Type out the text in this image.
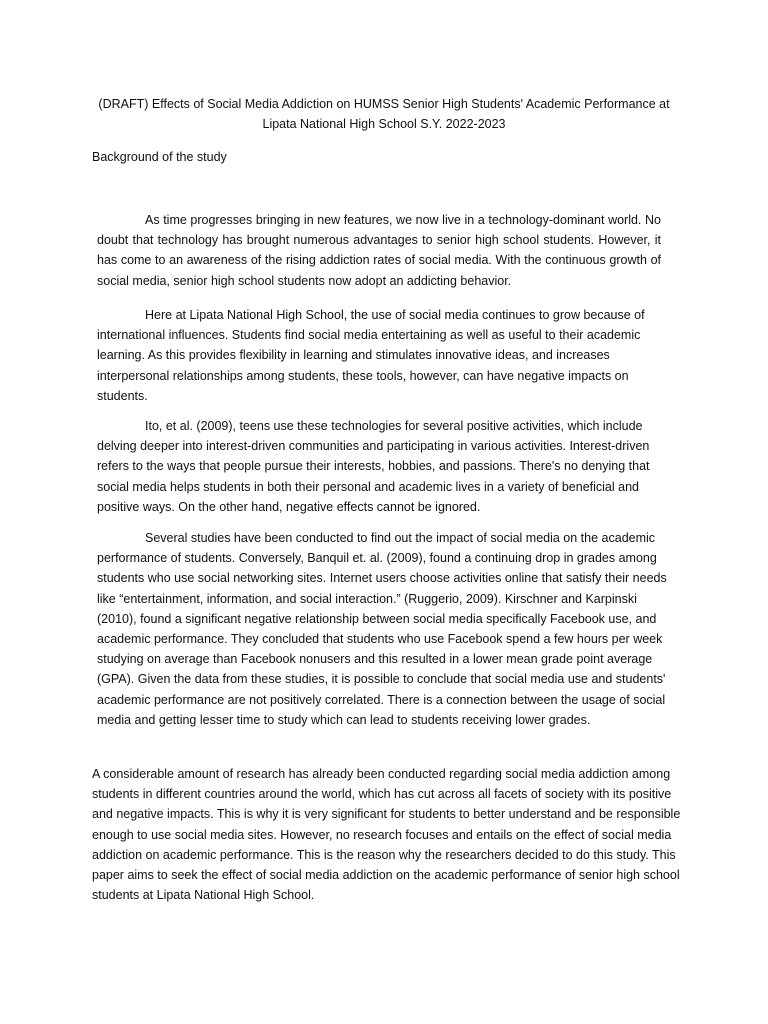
(DRAFT) Effects of Social Media Addiction on HUMSS Senior High Students' Academic Performance at Lipata National High School S.Y. 2022-2023
Background of the study

As time progresses bringing in new features, we now live in a technology-dominant world. No doubt that technology has brought numerous advantages to senior high school students. However, it has come to an awareness of the rising addiction rates of social media. With the continuous growth of social media, senior high school students now adopt an addicting behavior.

Here at Lipata National High School, the use of social media continues to grow because of international influences. Students find social media entertaining as well as useful to their academic learning. As this provides flexibility in learning and stimulates innovative ideas, and increases interpersonal relationships among students, these tools, however, can have negative impacts on students.

Ito, et al. (2009), teens use these technologies for several positive activities, which include delving deeper into interest-driven communities and participating in various activities. Interest-driven refers to the ways that people pursue their interests, hobbies, and passions. There's no denying that social media helps students in both their personal and academic lives in a variety of beneficial and positive ways. On the other hand, negative effects cannot be ignored.

Several studies have been conducted to find out the impact of social media on the academic performance of students. Conversely, Banquil et. al. (2009), found a continuing drop in grades among students who use social networking sites. Internet users choose activities online that satisfy their needs like “entertainment, information, and social interaction.” (Ruggerio, 2009). Kirschner and Karpinski (2010), found a significant negative relationship between social media specifically Facebook use, and academic performance. They concluded that students who use Facebook spend a few hours per week studying on average than Facebook nonusers and this resulted in a lower mean grade point average (GPA). Given the data from these studies, it is possible to conclude that social media use and students' academic performance are not positively correlated. There is a connection between the usage of social media and getting lesser time to study which can lead to students receiving lower grades.

A considerable amount of research has already been conducted regarding social media addiction among students in different countries around the world, which has cut across all facets of society with its positive and negative impacts. This is why it is very significant for students to better understand and be responsible enough to use social media sites. However, no research focuses and entails on the effect of social media addiction on academic performance. This is the reason why the researchers decided to do this study. This paper aims to seek the effect of social media addiction on the academic performance of senior high school students at Lipata National High School.
